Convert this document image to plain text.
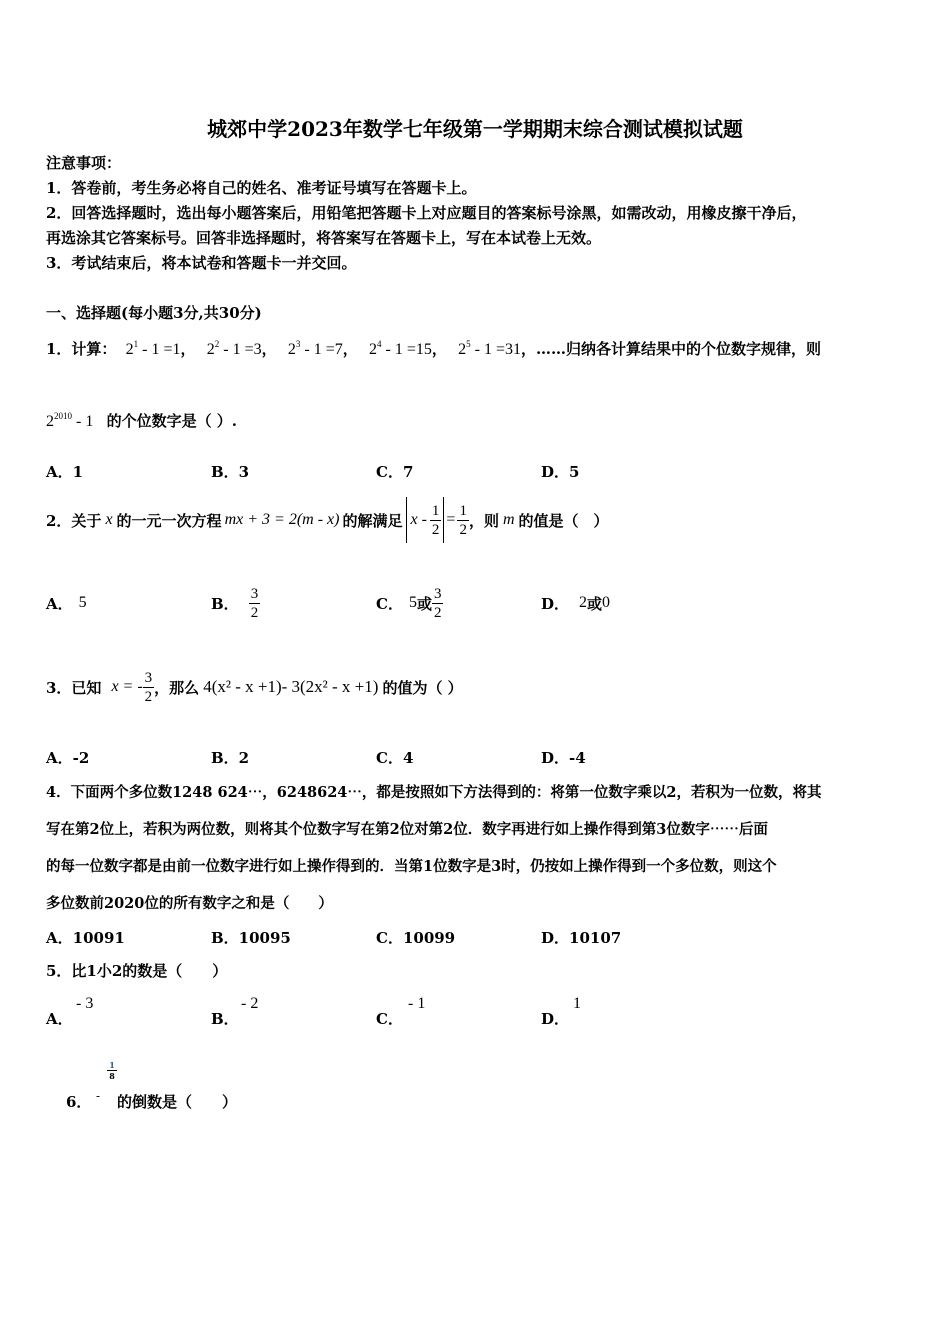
城郊中学2023年数学七年级第一学期期末综合测试模拟试题
注意事项：
1．答卷前，考生务必将自己的姓名、准考证号填写在答题卡上。
2．回答选择题时，选出每小题答案后，用铅笔把答题卡上对应题目的答案标号涂黑，如需改动，用橡皮擦干净后，
再选涂其它答案标号。回答非选择题时，将答案写在答题卡上，写在本试卷上无效。
3．考试结束后，将本试卷和答题卡一并交回。
一、选择题(每小题3分,共30分)
1．计算： $2^1 - 1 =1$， $2^2 - 1 =3$， $2^3 - 1 =7$， $2^4 - 1 =15$， $2^5 - 1 =31$，……归纳各计算结果中的个位数字规律，则
$2^{2010} - 1$ 的个位数字是（ ）.
A．1	B．3	C．7	D．5
2．关于 x 的一元一次方程 mx + 3 = 2(m - x) 的解满足 $x - \frac{1}{2} = \frac{1}{2}$ ，则 m 的值是（　）
A． 5	B． $\frac{3}{2}$	C． 5 或 $\frac{3}{2}$	D． 2 或 0
3．已知 x = - $\frac{3}{2}$ ，那么 4(x² - x +1)- 3(2x² - x +1) 的值为（ ）
A．-2	B．2	C．4	D．-4
4．下面两个多位数1248 624⋯，6248624⋯，都是按照如下方法得到的：将第一位数字乘以2，若积为一位数，将其
写在第2位上，若积为两位数，则将其个位数字写在第2位对第2位．数字再进行如上操作得到第3位数字⋯⋯后面
的每一位数字都是由前一位数字进行如上操作得到的．当第1位数字是3时，仍按如上操作得到一个多位数，则这个
多位数前2020位的所有数字之和是（　　）
A．10091	B．10095	C．10099	D．10107
5．比1小2的数是（　　）
A．
- 3
B．
- 2
C．
- 1
D．
1
6． -
1
8
的倒数是（　　）
